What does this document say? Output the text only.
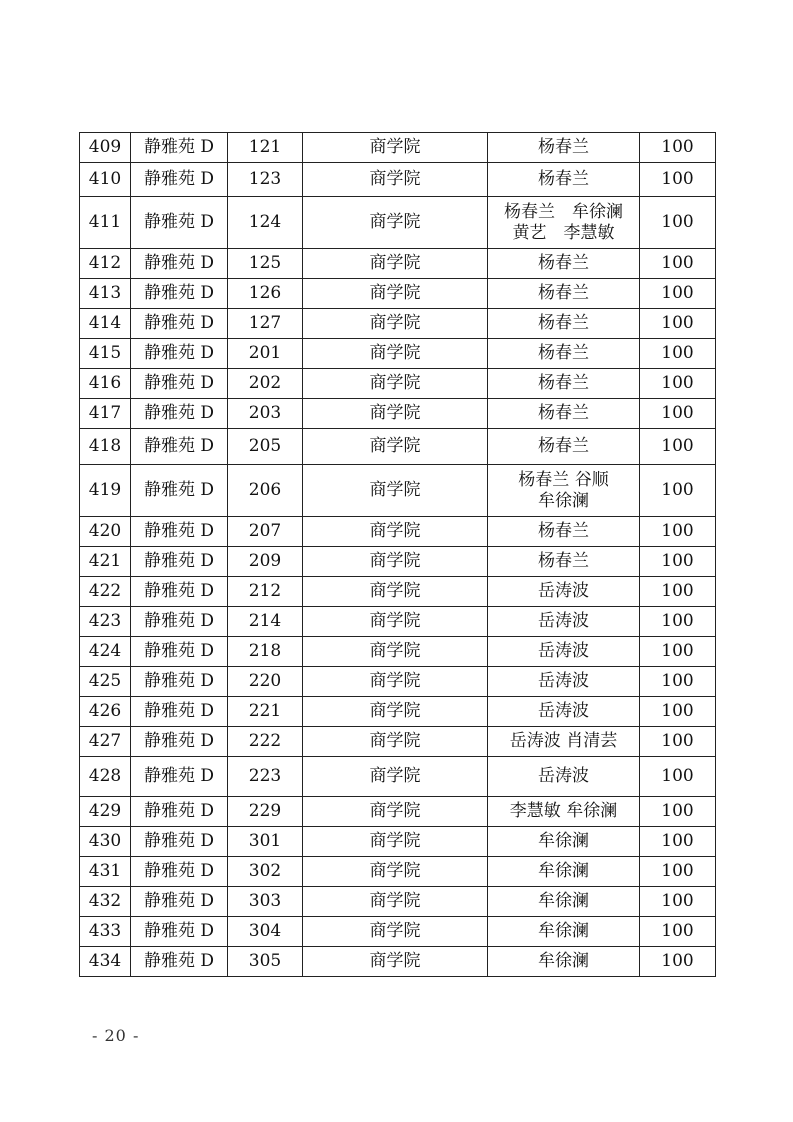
409	静雅苑 D	121	商学院	杨春兰	100
410	静雅苑 D	123	商学院	杨春兰	100
411	静雅苑 D	124	商学院	杨春兰　牟徐澜
黄艺　李慧敏	100
412	静雅苑 D	125	商学院	杨春兰	100
413	静雅苑 D	126	商学院	杨春兰	100
414	静雅苑 D	127	商学院	杨春兰	100
415	静雅苑 D	201	商学院	杨春兰	100
416	静雅苑 D	202	商学院	杨春兰	100
417	静雅苑 D	203	商学院	杨春兰	100
418	静雅苑 D	205	商学院	杨春兰	100
419	静雅苑 D	206	商学院	杨春兰 谷顺
牟徐澜	100
420	静雅苑 D	207	商学院	杨春兰	100
421	静雅苑 D	209	商学院	杨春兰	100
422	静雅苑 D	212	商学院	岳涛波	100
423	静雅苑 D	214	商学院	岳涛波	100
424	静雅苑 D	218	商学院	岳涛波	100
425	静雅苑 D	220	商学院	岳涛波	100
426	静雅苑 D	221	商学院	岳涛波	100
427	静雅苑 D	222	商学院	岳涛波 肖清芸	100
428	静雅苑 D	223	商学院	岳涛波	100
429	静雅苑 D	229	商学院	李慧敏 牟徐澜	100
430	静雅苑 D	301	商学院	牟徐澜	100
431	静雅苑 D	302	商学院	牟徐澜	100
432	静雅苑 D	303	商学院	牟徐澜	100
433	静雅苑 D	304	商学院	牟徐澜	100
434	静雅苑 D	305	商学院	牟徐澜	100
- 20 -
